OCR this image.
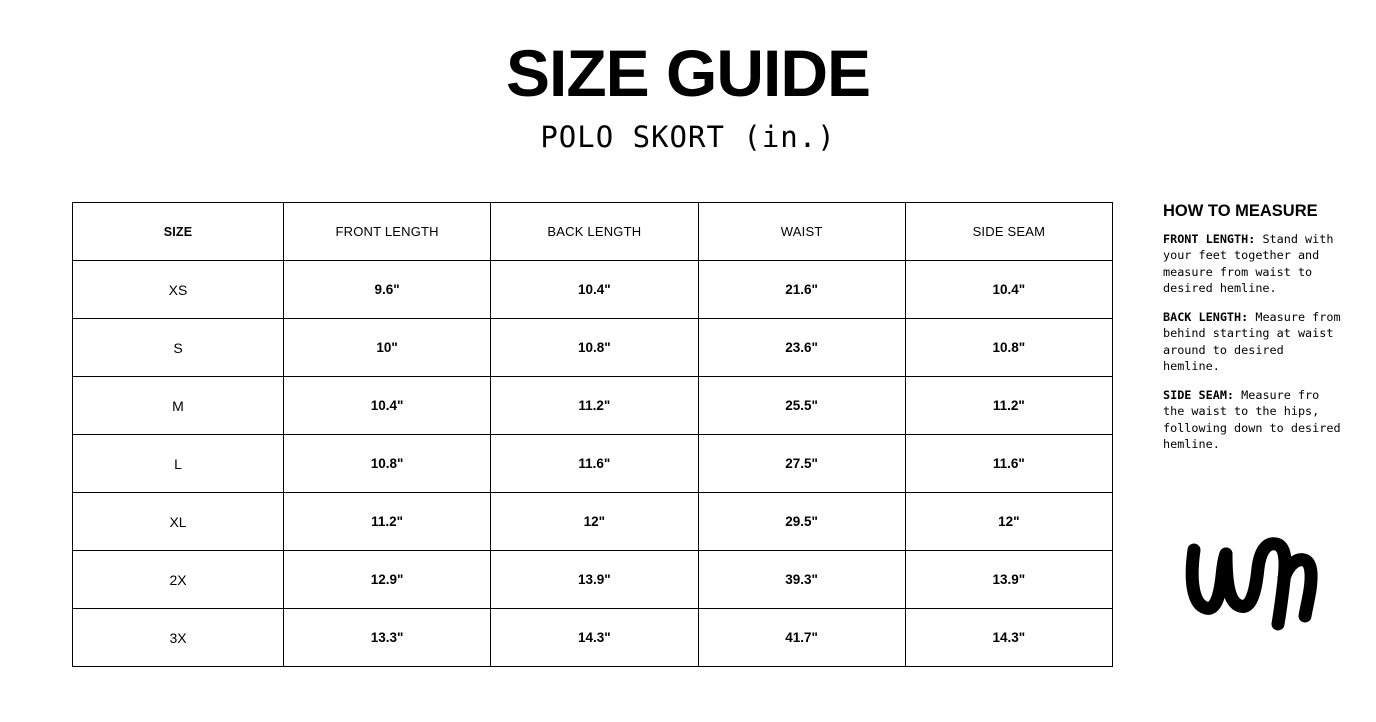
SIZE GUIDE

POLO SKORT (in.)

SIZE	FRONT LENGTH	BACK LENGTH	WAIST	SIDE SEAM
XS	9.6"	10.4"	21.6"	10.4"
S	10"	10.8"	23.6"	10.8"
M	10.4"	11.2"	25.5"	11.2"
L	10.8"	11.6"	27.5"	11.6"
XL	11.2"	12"	29.5"	12"
2X	12.9"	13.9"	39.3"	13.9"
3X	13.3"	14.3"	41.7"	14.3"
HOW TO MEASURE
FRONT LENGTH: Stand with your feet together and measure from waist to desired hemline.
BACK LENGTH: Measure from behind starting at waist around to desired hemline.
SIDE SEAM: Measure fro the waist to the hips, following down to desired hemline.
